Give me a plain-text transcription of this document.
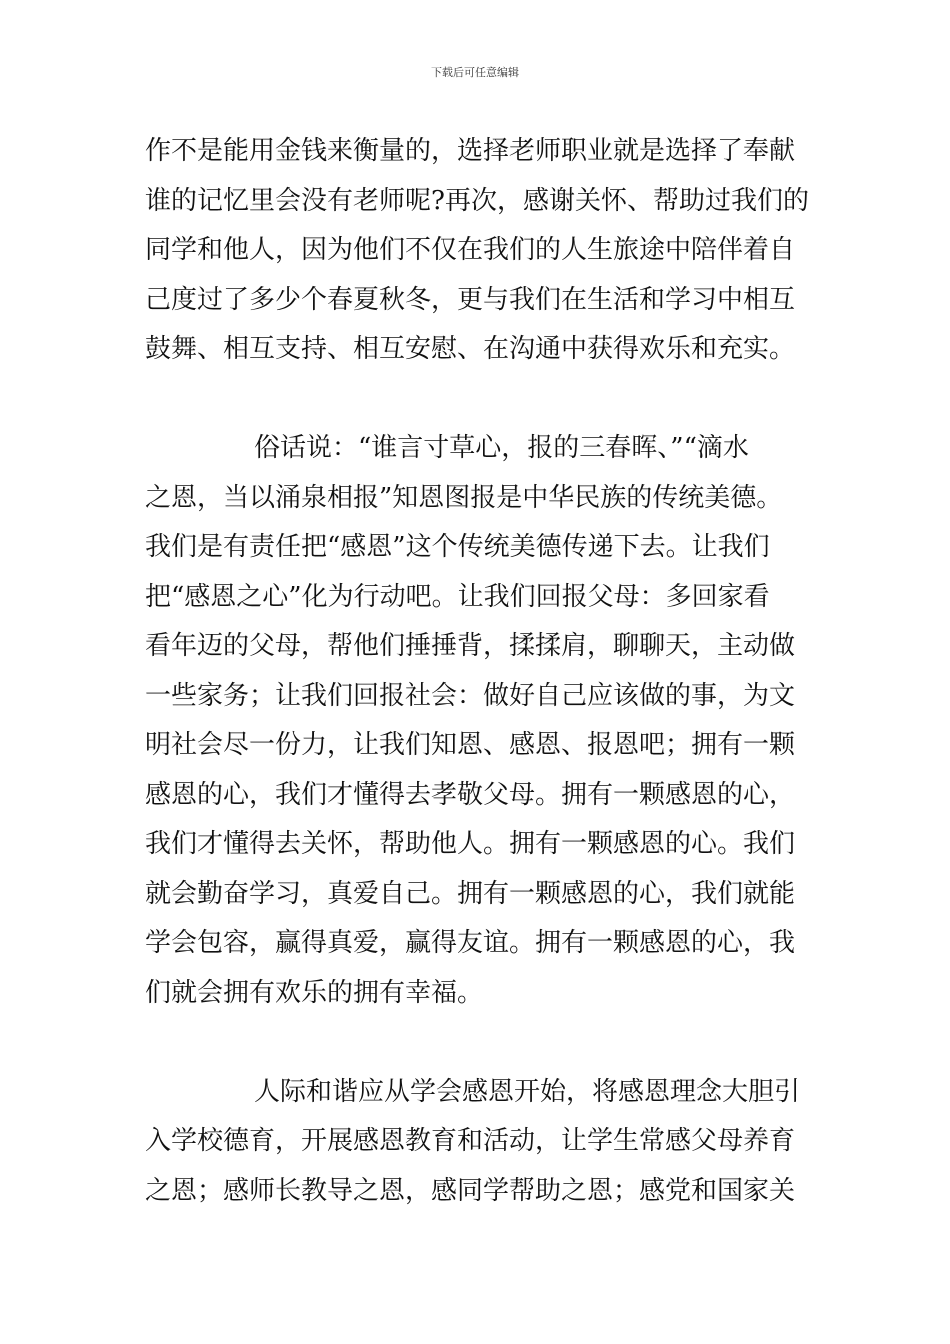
下载后可任意编辑
作不是能用金钱来衡量的，选择老师职业就是选择了奉献
谁的记忆里会没有老师呢?再次，感谢关怀、帮助过我们的
同学和他人，因为他们不仅在我们的人生旅途中陪伴着自
己度过了多少个春夏秋冬，更与我们在生活和学习中相互
鼓舞、相互支持、相互安慰、在沟通中获得欢乐和充实。
俗话说：“谁言寸草心，报的三春晖、”“滴水
之恩，当以涌泉相报”知恩图报是中华民族的传统美德。
我们是有责任把“感恩”这个传统美德传递下去。让我们
把“感恩之心”化为行动吧。让我们回报父母：多回家看
看年迈的父母，帮他们捶捶背，揉揉肩，聊聊天，主动做
一些家务；让我们回报社会：做好自己应该做的事，为文
明社会尽一份力，让我们知恩、感恩、报恩吧；拥有一颗
感恩的心，我们才懂得去孝敬父母。拥有一颗感恩的心，
我们才懂得去关怀，帮助他人。拥有一颗感恩的心。我们
就会勤奋学习，真爱自己。拥有一颗感恩的心，我们就能
学会包容，赢得真爱，赢得友谊。拥有一颗感恩的心，我
们就会拥有欢乐的拥有幸福。
人际和谐应从学会感恩开始，将感恩理念大胆引
入学校德育，开展感恩教育和活动，让学生常感父母养育
之恩；感师长教导之恩，感同学帮助之恩；感党和国家关
